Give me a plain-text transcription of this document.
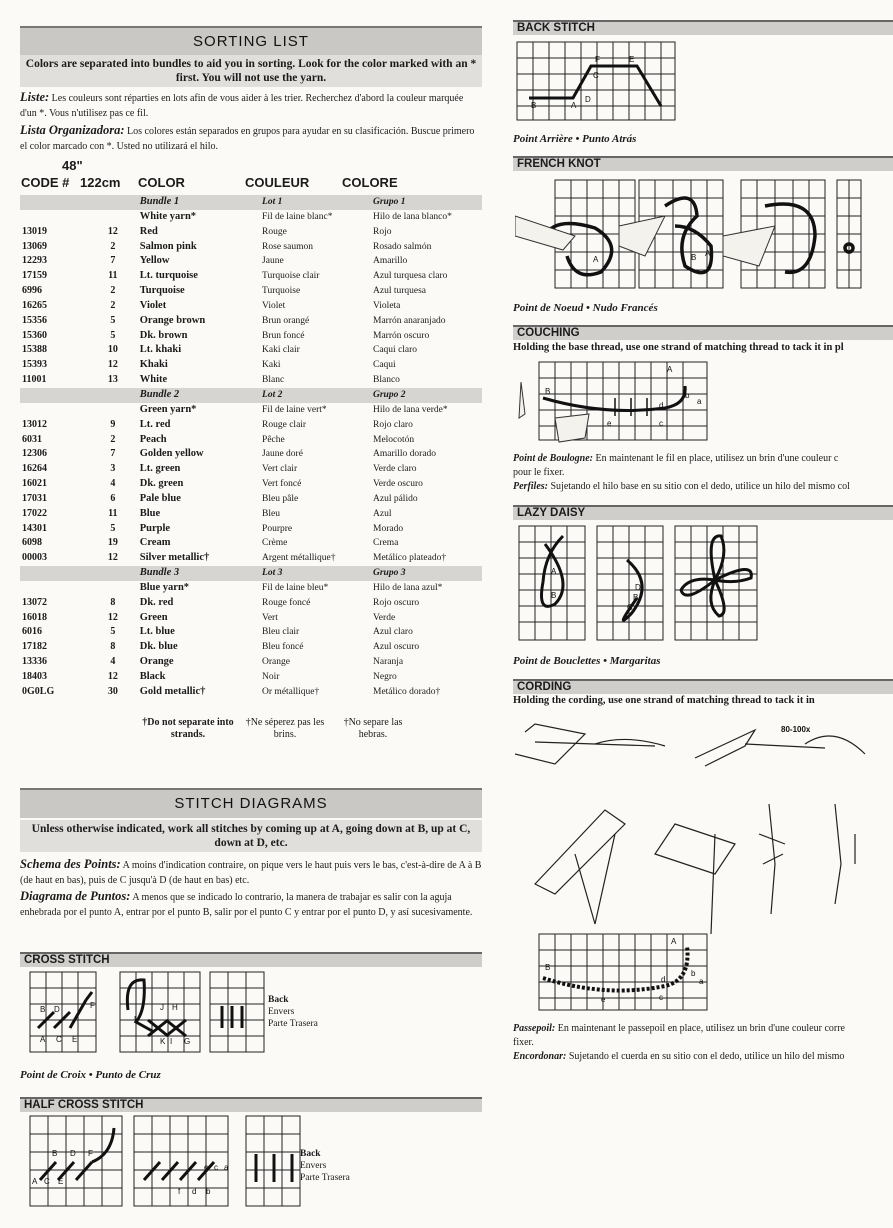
SORTING LIST
Colors are separated into bundles to aid you in sorting. Look for the color marked with an * first. You will not use the yarn.
Liste: Les couleurs sont réparties en lots afin de vous aider à les trier. Recherchez d'abord la couleur marquée d'un *. Vous n'utilisez pas ce fil.
Lista Organizadora: Los colores están separados en grupos para ayudar en su clasificación. Buscue primero el color marcado con *. Usted no utilizará el hilo.
48"
CODE # 122cm COLOR	COULEUR	COLORE
		Bundle 1	Lot 1	Grupo 1
		White yarn*	Fil de laine blanc*	Hilo de lana blanco*
13019	12	Red	Rouge	Rojo
13069	2	Salmon pink	Rose saumon	Rosado salmón
12293	7	Yellow	Jaune	Amarillo
17159	11	Lt. turquoise	Turquoise clair	Azul turquesa claro
6996	2	Turquoise	Turquoise	Azul turquesa
16265	2	Violet	Violet	Violeta
15356	5	Orange brown	Brun orangé	Marrón anaranjado
15360	5	Dk. brown	Brun foncé	Marrón oscuro
15388	10	Lt. khaki	Kaki clair	Caqui claro
15393	12	Khaki	Kaki	Caqui
11001	13	White	Blanc	Blanco
		Bundle 2	Lot 2	Grupo 2
		Green yarn*	Fil de laine vert*	Hilo de lana verde*
13012	9	Lt. red	Rouge clair	Rojo claro
6031	2	Peach	Pêche	Melocotón
12306	7	Golden yellow	Jaune doré	Amarillo dorado
16264	3	Lt. green	Vert clair	Verde claro
16021	4	Dk. green	Vert foncé	Verde oscuro
17031	6	Pale blue	Bleu pâle	Azul pálido
17022	11	Blue	Bleu	Azul
14301	5	Purple	Pourpre	Morado
6098	19	Cream	Crème	Crema
00003	12	Silver metallic†	Argent métallique†	Metálico plateado†
		Bundle 3	Lot 3	Grupo 3
		Blue yarn*	Fil de laine bleu*	Hilo de lana azul*
13072	8	Dk. red	Rouge foncé	Rojo oscuro
16018	12	Green	Vert	Verde
6016	5	Lt. blue	Bleu clair	Azul claro
17182	8	Dk. blue	Bleu foncé	Azul oscuro
13336	4	Orange	Orange	Naranja
18403	12	Black	Noir	Negro
0G0LG	30	Gold metallic†	Or métallique†	Metálico dorado†
†Do not separate into strands.
†Ne séperez pas les brins.
†No separe las hebras.
STITCH DIAGRAMS
Unless otherwise indicated, work all stitches by coming up at A, going down at B, up at C, down at D, etc.
Schema des Points: A moins d'indication contraire, on pique vers le haut puis vers le bas, c'est-à-dire de A à B (de haut en bas), puis de C jusqu'à D (de haut en bas) etc.
Diagrama de Puntos: A menos que se indicado lo contrario, la manera de trabajar es salir con la aguja enhebrada por el punto A, entrar por el punto B, salir por el punto C y entrar por el punto D, y así sucesivamente.
CROSS STITCH
B D	F
A C E
J H
L
K I G
Back
Envers
Parte Trasera
Point de Croix • Punto de Cruz
HALF CROSS STITCH
B D F
A C E
e c a
f d b
Back
Envers
Parte Trasera
BACK STITCH
B	A
D
C
F	E
Point Arrière • Punto Atrás
FRENCH KNOT
A	B A
Point de Noeud • Nudo Francés
COUCHING
Holding the base thread, use one strand of matching thread to tack it in pl
B
A
b
a
e
d
c
Point de Boulogne: En maintenant le fil en place, utilisez un brin d'une couleur c
pour le fixer.
Perfiles: Sujetando el hilo base en su sitio con el dedo, utilice un hilo del mismo col
LAZY DAISY
A
B
D
B
C
Point de Bouclettes • Margaritas
CORDING
Holding the cording, use one strand of matching thread to tack it in
80-100x
B
A
b
a
e
d
c
Passepoil: En maintenant le passepoil en place, utilisez un brin d'une couleur corre
fixer.
Encordonar: Sujetando el cuerda en su sitio con el dedo, utilice un hilo del mismo
